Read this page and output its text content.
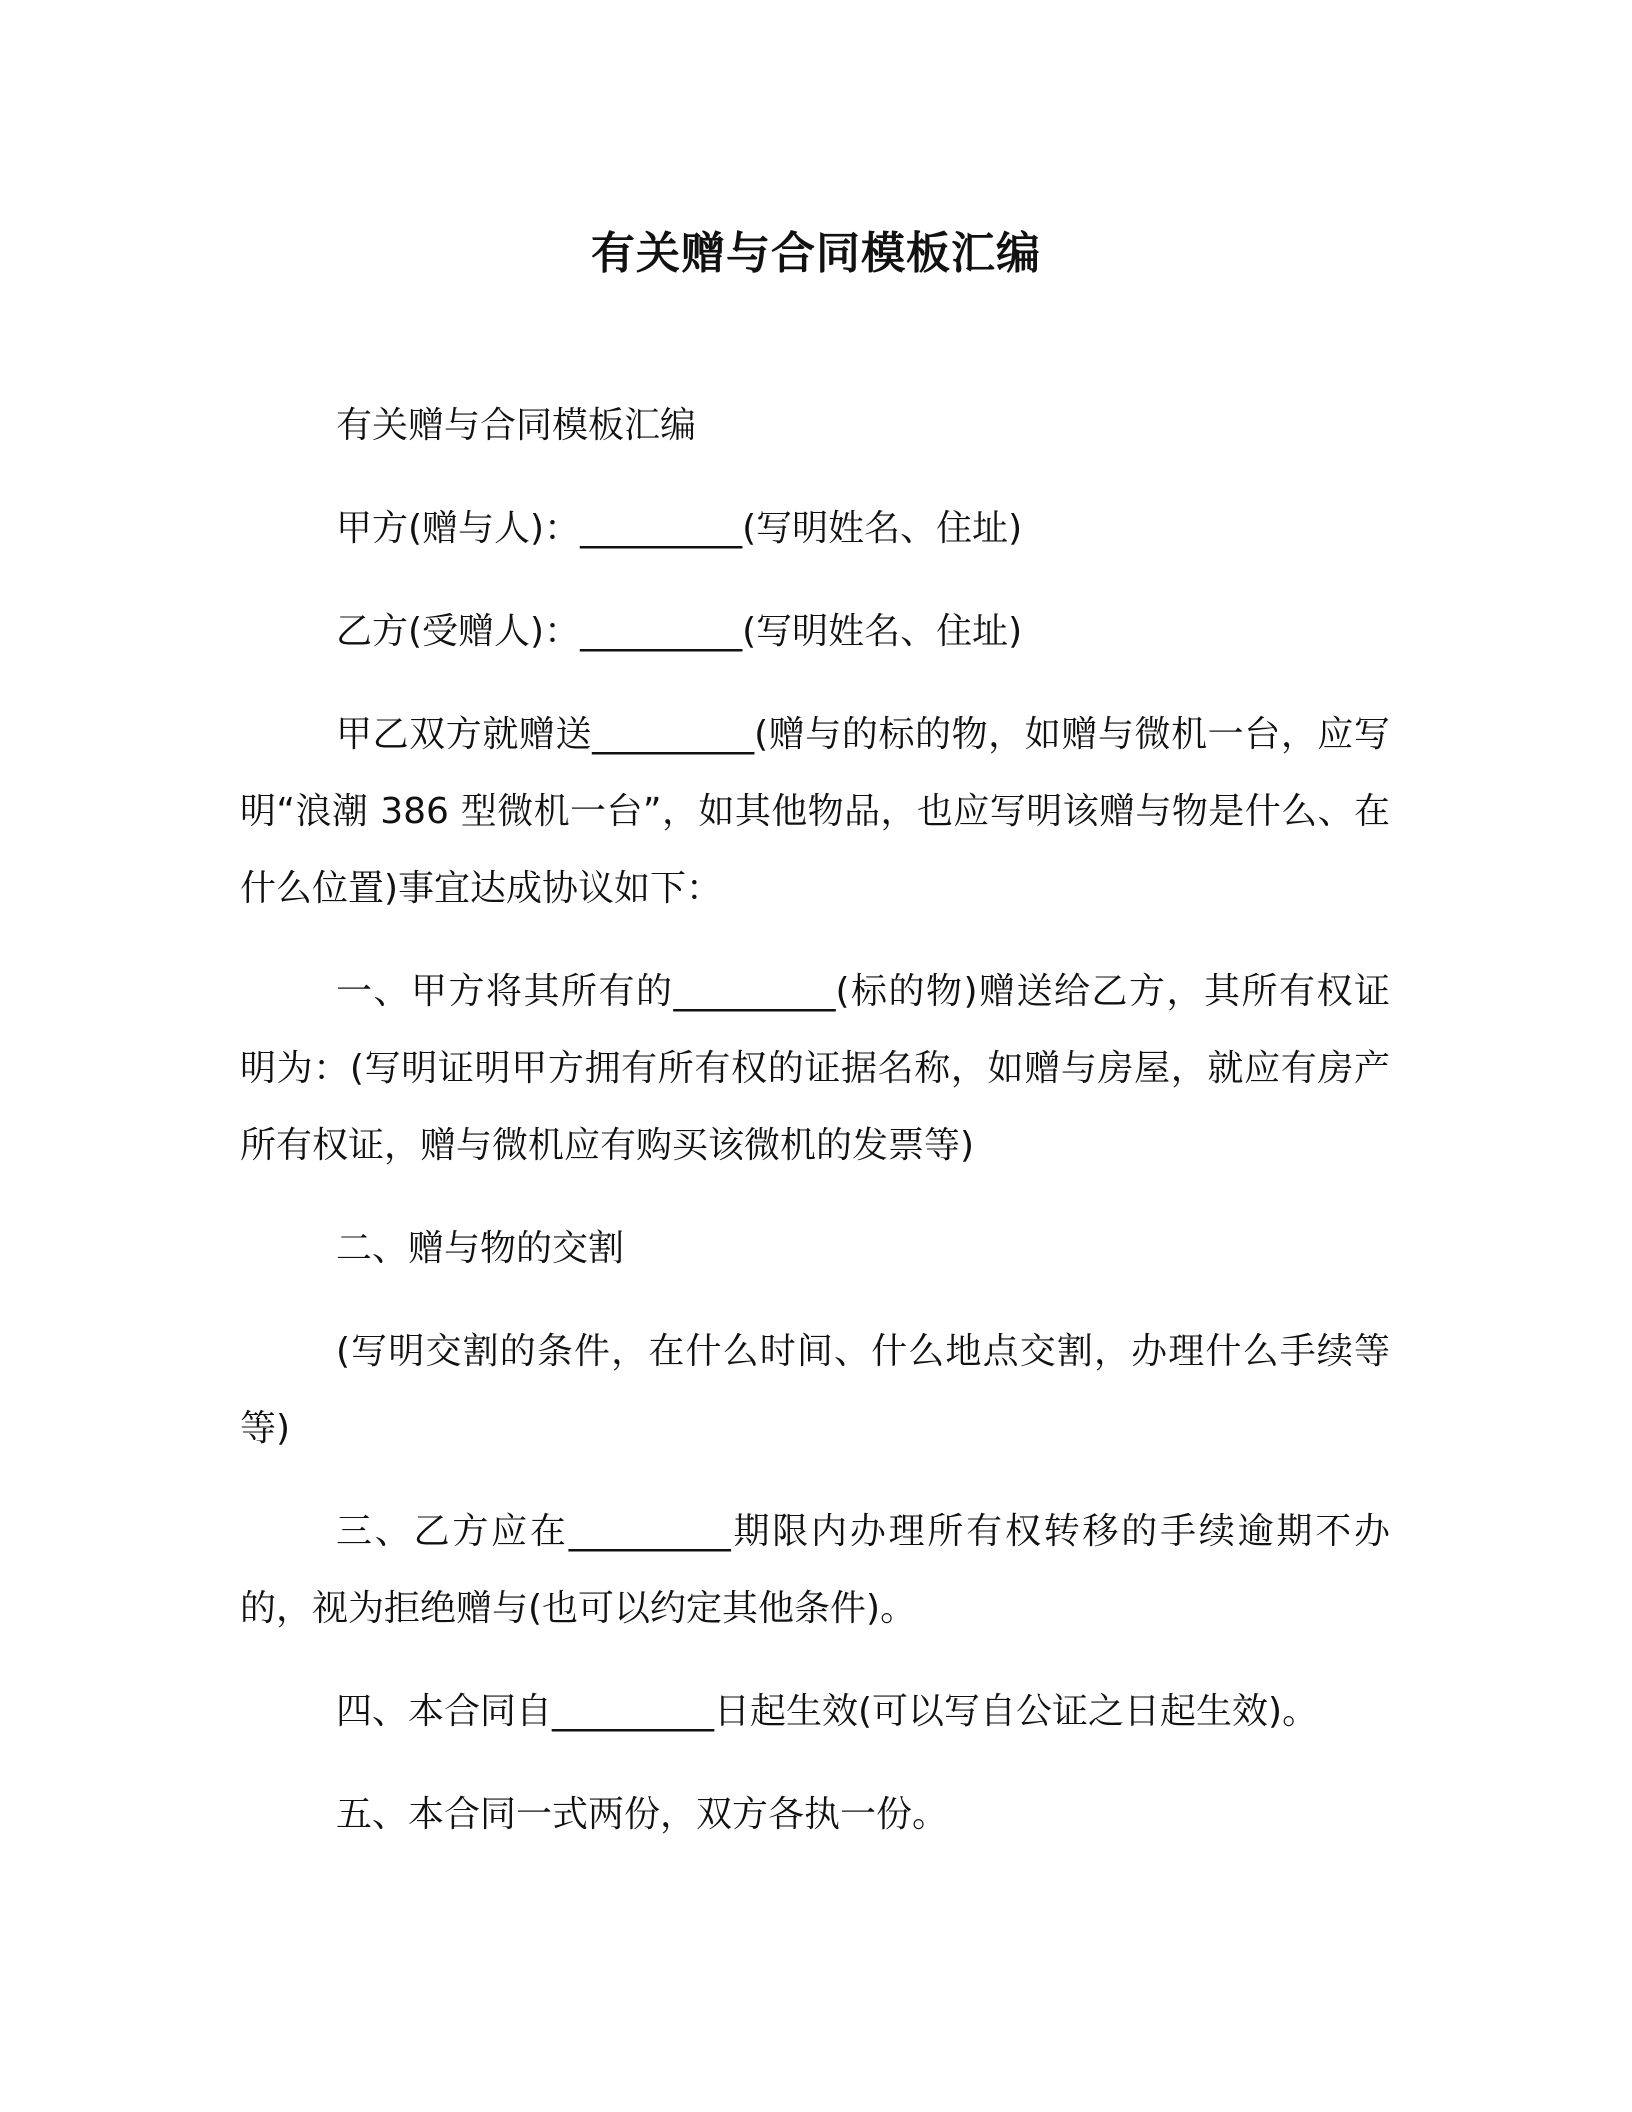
有关赠与合同模板汇编

有关赠与合同模板汇编

甲方(赠与人)：_________(写明姓名、住址)

乙方(受赠人)：_________(写明姓名、住址)

甲乙双方就赠送_________(赠与的标的物，如赠与微机一台，应写明“浪潮 386 型微机一台”，如其他物品，也应写明该赠与物是什么、在什么位置)事宜达成协议如下：

一、甲方将其所有的_________(标的物)赠送给乙方，其所有权证明为：(写明证明甲方拥有所有权的证据名称，如赠与房屋，就应有房产所有权证，赠与微机应有购买该微机的发票等)

二、赠与物的交割

(写明交割的条件，在什么时间、什么地点交割，办理什么手续等等)

三、乙方应在_________期限内办理所有权转移的手续逾期不办的，视为拒绝赠与(也可以约定其他条件)。

四、本合同自_________日起生效(可以写自公证之日起生效)。

五、本合同一式两份，双方各执一份。
